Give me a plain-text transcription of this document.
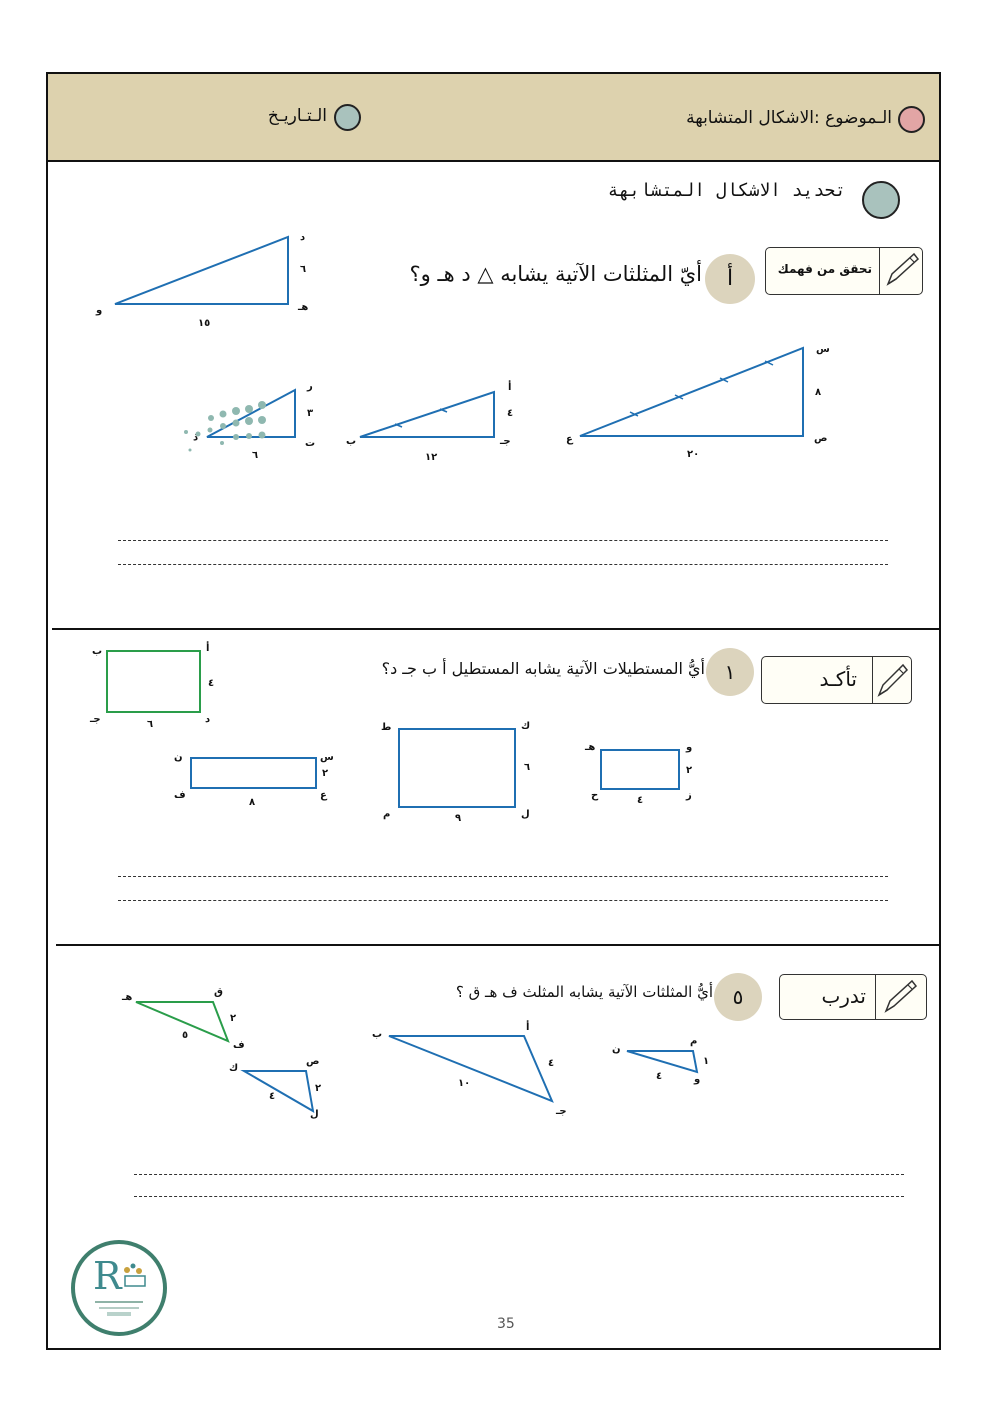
الـموضوع :الاشكال المتشابهة
الـتـاريـخ
تحديد الاشكال المتشابهة
تحقق من فهمك
أ
أيّ المثلثات الآتية يشابه △ د هـ و؟
د
هـ
و
٦
١٥
س
ص
ع
٨
٢٠
أ
جـ
ب
٤
١٢
ر
ت
ذ
٣
٦
تأكـد
١
أيُّ المستطيلات الآتية يشابه المستطيل أ ب جـ د؟
أ
ب
جـ	د
٤
٦
و
هـ
ح	ز
٢
٤
ك
ط
م	ل
٦
٩
س
ن
ف	ع
٢
٨
تدرب
٥
أيُّ المثلثات الآتية يشابه المثلث ف هـ ق ؟
ق
هـ
ف
٢
٥
م
ن
و
١
٤
أ
ب
جـ
٤
١٠
ص
ك
ل
٢
٤
R
35
